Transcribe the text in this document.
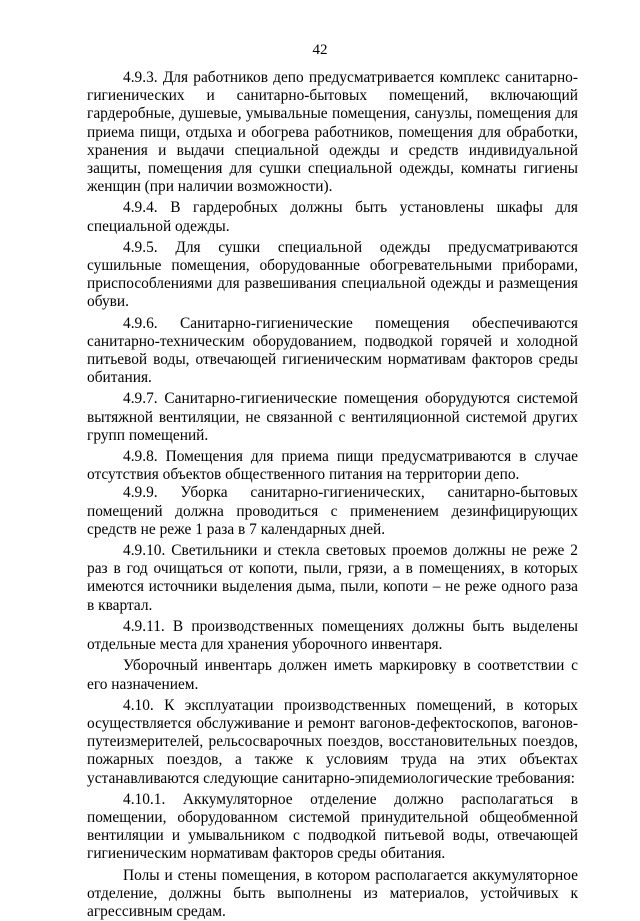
42

4.9.3. Для работников депо предусматривается комплекс санитарно-гигиенических и санитарно-бытовых помещений, включающий гардеробные, душевые, умывальные помещения, санузлы, помещения для приема пищи, отдыха и обогрева работников, помещения для обработки, хранения и выдачи специальной одежды и средств индивидуальной защиты, помещения для сушки специальной одежды, комнаты гигиены женщин (при наличии возможности).

4.9.4. В гардеробных должны быть установлены шкафы для специальной одежды.

4.9.5. Для сушки специальной одежды предусматриваются сушильные помещения, оборудованные обогревательными приборами, приспособлениями для развешивания специальной одежды и размещения обуви.

4.9.6. Санитарно-гигиенические помещения обеспечиваются санитарно-техническим оборудованием, подводкой горячей и холодной питьевой воды, отвечающей гигиеническим нормативам факторов среды обитания.

4.9.7. Санитарно-гигиенические помещения оборудуются системой вытяжной вентиляции, не связанной с вентиляционной системой других групп помещений.

4.9.8. Помещения для приема пищи предусматриваются в случае отсутствия объектов общественного питания на территории депо.

4.9.9. Уборка санитарно-гигиенических, санитарно-бытовых помещений должна проводиться с применением дезинфицирующих средств не реже 1 раза в 7 календарных дней.

4.9.10. Светильники и стекла световых проемов должны не реже 2 раз в год очищаться от копоти, пыли, грязи, а в помещениях, в которых имеются источники выделения дыма, пыли, копоти – не реже одного раза в квартал.

4.9.11. В производственных помещениях должны быть выделены отдельные места для хранения уборочного инвентаря.

Уборочный инвентарь должен иметь маркировку в соответствии с его назначением.

4.10. К эксплуатации производственных помещений, в которых осуществляется обслуживание и ремонт вагонов-дефектоскопов, вагонов-путеизмерителей, рельсосварочных поездов, восстановительных поездов, пожарных поездов, а также к условиям труда на этих объектах устанавливаются следующие санитарно-эпидемиологические требования:

4.10.1. Аккумуляторное отделение должно располагаться в помещении, оборудованном системой принудительной общеобменной вентиляции и умывальником с подводкой питьевой воды, отвечающей гигиеническим нормативам факторов среды обитания.

Полы и стены помещения, в котором располагается аккумуляторное отделение, должны быть выполнены из материалов, устойчивых к агрессивным средам.
